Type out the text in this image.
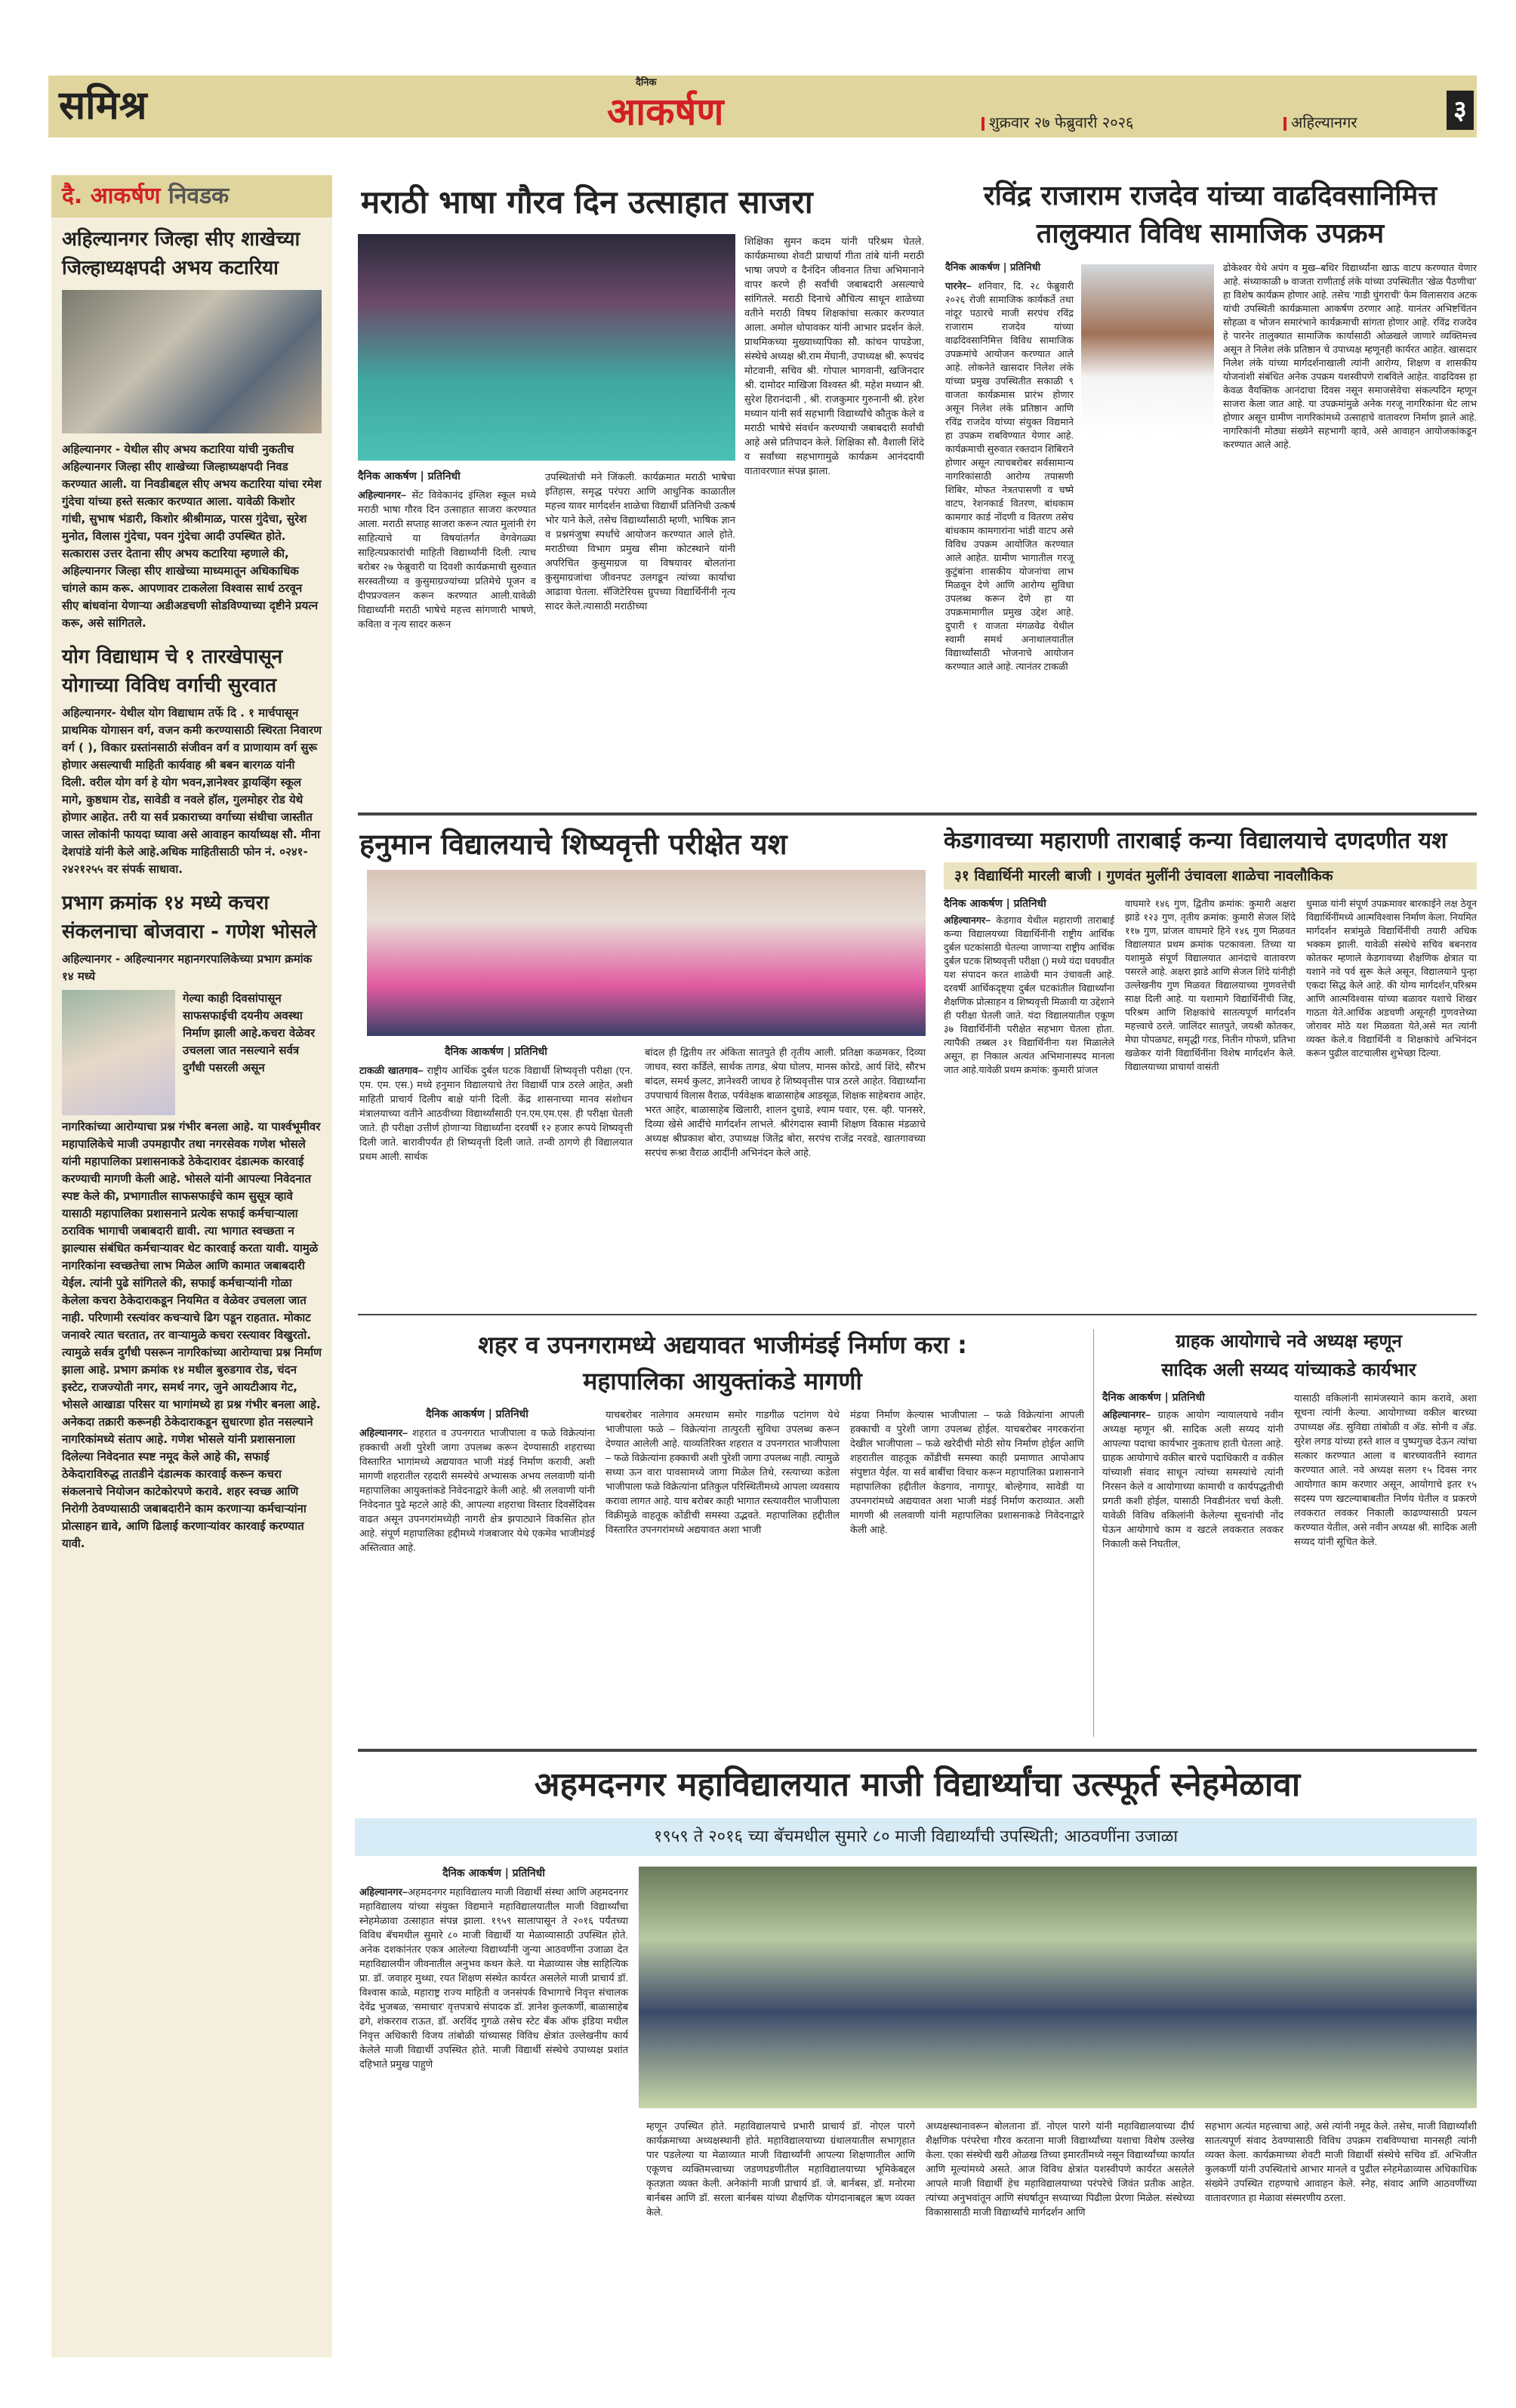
समिश्र
दैनिक
आकर्षण	शुक्रवार २७ फेब्रुवारी २०२६	अहिल्यानगर	३
दै. आकर्षण निवडक
अहिल्यानगर जिल्हा सीए शाखेच्या जिल्हाध्यक्षपदी अभय कटारिया
अहिल्यानगर - येथील सीए अभय कटारिया यांची नुकतीच अहिल्यानगर जिल्हा सीए शाखेच्या जिल्हाध्यक्षपदी निवड करण्यात आली. या निवडीबद्दल सीए अभय कटारिया यांचा रमेश गुंदेचा यांच्या हस्ते सत्कार करण्यात आला. यावेळी किशोर गांधी, सुभाष भंडारी, किशोर श्रीश्रीमाळ, पारस गुंदेचा, सुरेश मुनोत, विलास गुंदेचा, पवन गुंदेचा आदी उपस्थित होते. सत्कारास उत्तर देताना सीए अभय कटारिया म्हणाले की, अहिल्यानगर जिल्हा सीए शाखेच्या माध्यमातून अधिकाधिक चांगले काम करू. आपणावर टाकलेला विश्वास सार्थ ठरवून सीए बांधवांना येणाऱ्या अडीअडचणी सोडविण्याच्या दृष्टीने प्रयत्न करू, असे सांगितले.
योग विद्याधाम चे १ तारखेपासून योगाच्या विविध वर्गाची सुरवात
अहिल्यानगर- येथील योग विद्याधाम तर्फे दि . १ मार्चपासून प्राथमिक योगासन वर्ग, वजन कमी करण्यासाठी स्थिरता निवारण वर्ग ( ), विकार ग्रस्तांनसाठी संजीवन वर्ग व प्राणायाम वर्ग सुरू होणार असल्याची माहिती कार्यवाह श्री बबन बारगळ यांनी दिली. वरील योग वर्ग हे योग भवन,ज्ञानेश्वर ड्रायव्हिंग स्कूल मागे, कुष्ठधाम रोड, सावेडी व नवले हॉल, गुलमोहर रोड येथे होणार आहेत. तरी या सर्व प्रकाराच्या वर्गाच्या संधीचा जास्तीत जास्त लोकांनी फायदा घ्यावा असे आवाहन कार्याध्यक्ष सौ. मीना देशपांडे यांनी केले आहे.अधिक माहितीसाठी फोन नं. ०२४१- २४२१२५५ वर संपर्क साधावा.
प्रभाग क्रमांक १४ मध्ये कचरा संकलनाचा बोजवारा - गणेश भोसले
अहिल्यानगर - अहिल्यानगर महानगरपालिकेच्या प्रभाग क्रमांक १४ मध्ये
गेल्या काही दिवसांपासून साफसफाईची दयनीय अवस्था निर्माण झाली आहे.कचरा वेळेवर उचलला जात नसल्याने सर्वत्र दुर्गंधी पसरली असून
नागरिकांच्या आरोग्याचा प्रश्न गंभीर बनला आहे. या पार्श्वभूमीवर महापालिकेचे माजी उपमहापौर तथा नगरसेवक गणेश भोसले यांनी महापालिका प्रशासनाकडे ठेकेदारावर दंडात्मक कारवाई करण्याची मागणी केली आहे. भोसले यांनी आपल्या निवेदनात स्पष्ट केले की, प्रभागातील साफसफाईचे काम सुसूत्र व्हावे यासाठी महापालिका प्रशासनाने प्रत्येक सफाई कर्मचाऱ्याला ठराविक भागाची जबाबदारी द्यावी. त्या भागात स्वच्छता न झाल्यास संबंधित कर्मचाऱ्यावर थेट कारवाई करता यावी. यामुळे नागरिकांना स्वच्छतेचा लाभ मिळेल आणि कामात जबाबदारी येईल. त्यांनी पुढे सांगितले की, सफाई कर्मचाऱ्यांनी गोळा केलेला कचरा ठेकेदाराकडून नियमित व वेळेवर उचलला जात नाही. परिणामी रस्त्यांवर कचऱ्याचे ढिग पडून राहतात. मोकाट जनावरे त्यात चरतात, तर वाऱ्यामुळे कचरा रस्त्यावर विखुरतो. त्यामुळे सर्वत्र दुर्गंधी पसरून नागरिकांच्या आरोग्याचा प्रश्न निर्माण झाला आहे. प्रभाग क्रमांक १४ मधील बुरुडगाव रोड, चंदन इस्टेट, राजज्योती नगर, समर्थ नगर, जुने आयटीआय गेट, भोसले आखाडा परिसर या भागांमध्ये हा प्रश्न गंभीर बनला आहे. अनेकदा तक्रारी करूनही ठेकेदाराकडून सुधारणा होत नसल्याने नागरिकांमध्ये संताप आहे. गणेश भोसले यांनी प्रशासनाला दिलेल्या निवेदनात स्पष्ट नमूद केले आहे की, सफाई ठेकेदाराविरुद्ध तातडीने दंडात्मक कारवाई करून कचरा संकलनाचे नियोजन काटेकोरपणे करावे. शहर स्वच्छ आणि निरोगी ठेवण्यासाठी जबाबदारीने काम करणाऱ्या कर्मचाऱ्यांना प्रोत्साहन द्यावे, आणि ढिलाई करणाऱ्यांवर कारवाई करण्यात यावी.
मराठी भाषा गौरव दिन उत्साहात साजरा
शिक्षिका सुमन कदम यांनी परिश्रम घेतले. कार्यक्रमाच्या शेवटी प्राचार्या गीता तांबे यांनी मराठी भाषा जपणे व दैनंदिन जीवनात तिचा अभिमानाने वापर करणे ही सर्वांची जबाबदारी असल्याचे सांगितले. मराठी दिनाचे औचित्य साधून शाळेच्या वतीने मराठी विषय शिक्षकांचा सत्कार करण्यात आला. अमोल धोपावकर यांनी आभार प्रदर्शन केले. प्राथमिकच्या मुख्याध्यापिका सौ. कांचन पापडेजा, संस्थेचे अध्यक्ष श्री.राम मेंघानी, उपाध्यक्ष श्री. रूपचंद मोटवानी, सचिव श्री. गोपाल भागवानी, खजिनदार श्री. दामोदर माखिजा विश्वस्त श्री. महेश मध्यान श्री. सुरेश हिरानंदानी , श्री. राजकुमार गुरुनानी श्री. हरेश मध्यान यांनी सर्व सहभागी विद्यार्थ्यांचे कौतुक केले व मराठी भाषेचे संवर्धन करण्याची जबाबदारी सर्वांची आहे असे प्रतिपादन केले. शिक्षिका सौ. वैशाली शिंदे व सर्वांच्या सहभागामुळे कार्यक्रम आनंददायी वातावरणात संपन्न झाला.
दैनिक आकर्षण | प्रतिनिधी
अहिल्यानगर– सेंट विवेकानंद इंग्लिश स्कूल मध्ये मराठी भाषा गौरव दिन उत्साहात साजरा करण्यात आला. मराठी सप्ताह साजरा करून त्यात मुलांनी रंग साहित्याचे या विषयांतर्गत वेगवेगळ्या साहित्यप्रकारांची माहिती विद्यार्थ्यांनी दिली. त्याच बरोबर २७ फेब्रुवारी या दिवशी कार्यक्रमाची सुरुवात सरस्वतीच्या व कुसुमाग्रज्यांच्या प्रतिमेचे पूजन व दीपप्रज्वलन करून करण्यात आली.यावेळी विद्यार्थ्यांनी मराठी भाषेचे महत्त्व सांगणारी भाषणे, कविता व नृत्य सादर करून
उपस्थितांची मने जिंकली. कार्यक्रमात मराठी भाषेचा इतिहास, समृद्ध परंपरा आणि आधुनिक काळातील महत्त्व यावर मार्गदर्शन शाळेचा विद्यार्थी प्रतिनिधी उत्कर्ष भोर याने केले, तसेच विद्यार्थ्यांसाठी म्हणी, भाषिक ज्ञान व प्रश्नमंजुषा स्पर्धांचे आयोजन करण्यात आले होते. मराठीच्या विभाग प्रमुख सीमा कोटस्थाने यांनी अपरिचित कुसुमाग्रज या विषयावर बोलतांना कुसुमाग्रजांचा जीवनपट उलगडून त्यांच्या कार्याचा आढावा घेतला. सॅजिटेरियस ग्रुपच्या विद्यार्थिनींनी नृत्य सादर केले.त्यासाठी मराठीच्या
रविंद्र राजाराम राजदेव यांच्या वाढदिवसानिमित्त
तालुक्यात विविध सामाजिक उपक्रम
दैनिक आकर्षण | प्रतिनिधी
पारनेर– शनिवार, दि. २८ फेब्रुवारी २०२६ रोजी सामाजिक कार्यकर्ते तथा नांदूर पठारचे माजी सरपंच रविंद्र राजाराम राजदेव यांच्या वाढदिवसानिमित्त विविध सामाजिक उपक्रमांचे आयोजन करण्यात आले आहे. लोकनेते खासदार निलेश लंके यांच्या प्रमुख उपस्थितीत सकाळी ९ वाजता कार्यक्रमास प्रारंभ होणार असून निलेश लंके प्रतिष्ठान आणि रविंद्र राजदेव यांच्या संयुक्त विद्यमाने हा उपक्रम राबविण्यात येणार आहे. कार्यक्रमाची सुरुवात रक्तदान शिबिराने होणार असून त्याचबरोबर सर्वसामान्य नागरिकांसाठी आरोग्य तपासणी शिबिर, मोफत नेत्रतपासणी व चष्मे वाटप, रेशनकार्ड वितरण, बांधकाम कामगार कार्ड नोंदणी व वितरण तसेच बांधकाम कामगारांना भांडी वाटप असे विविध उपक्रम आयोजित करण्यात आले आहेत. ग्रामीण भागातील गरजू कुटुंबांना शासकीय योजनांचा लाभ मिळवून देणे आणि आरोग्य सुविधा उपलब्ध करून देणे हा या उपक्रमामागील प्रमुख उद्देश आहे. दुपारी १ वाजता मंगळवेढ येथील स्वामी समर्थ अनाथालयातील विद्यार्थ्यांसाठी भोजनाचे आयोजन करण्यात आले आहे. त्यानंतर टाकळी
ढोकेश्वर येथे अपंग व मुख–बधिर विद्यार्थ्यांना खाऊ वाटप करण्यात येणार आहे. संध्याकाळी ७ वाजता राणीताई लंके यांच्या उपस्थितीत ‘खेळ पैठणीचा’ हा विशेष कार्यक्रम होणार आहे. तसेच ‘गाडी घुंगराची’ फेम विलासराव अटक यांची उपस्थिती कार्यक्रमाला आकर्षण ठरणार आहे. यानंतर अभिष्टचिंतन सोहळा व भोजन समारंभाने कार्यक्रमाची सांगता होणार आहे. रविंद्र राजदेव हे पारनेर तालुक्यात सामाजिक कार्यासाठी ओळखले जाणारे व्यक्तिमत्त्व असून ते निलेश लंके प्रतिष्ठान चे उपाध्यक्ष म्हणूनही कार्यरत आहेत. खासदार निलेश लंके यांच्या मार्गदर्शनाखाली त्यांनी आरोग्य, शिक्षण व शासकीय योजनांशी संबंधित अनेक उपक्रम यशस्वीपणे राबविले आहेत. वाढदिवस हा केवळ वैयक्तिक आनंदाचा दिवस नसून समाजसेवेचा संकल्पदिन म्हणून साजरा केला जात आहे. या उपक्रमांमुळे अनेक गरजू नागरिकांना थेट लाभ होणार असून ग्रामीण नागरिकांमध्ये उत्साहाचे वातावरण निर्माण झाले आहे. नागरिकांनी मोठ्या संख्येने सहभागी व्हावे, असे आवाहन आयोजकांकडून करण्यात आले आहे.
हनुमान विद्यालयाचे शिष्यवृत्ती परीक्षेत यश
दैनिक आकर्षण | प्रतिनिधी
टाकळी खातगाव– राष्ट्रीय आर्थिक दुर्बल घटक विद्यार्थी शिष्यवृत्ती परीक्षा (एन. एम. एम. एस.) मध्ये हनुमान विद्यालयाचे तेरा विद्यार्थी पात्र ठरले आहेत, अशी माहिती प्राचार्य दिलीप बाक्षे यांनी दिली. केंद्र शासनाच्या मानव संशोधन मंत्रालयाच्या वतीने आठवीच्या विद्यार्थ्यांसाठी एन.एम.एम.एस. ही परीक्षा घेतली जाते. ही परीक्षा उत्तीर्ण होणाऱ्या विद्यार्थ्यांना दरवर्षी १२ हजार रूपये शिष्यवृत्ती दिली जाते. बारावीपर्यंत ही शिष्यवृत्ती दिली जाते. तन्वी ठागणे ही विद्यालयात प्रथम आली. सार्थक
बांदल ही द्वितीय तर अंकिता सातपुते ही तृतीय आली. प्रतिक्षा कळमकर, दिव्या जाधव, स्वरा कर्डिले, सार्थक तागड, श्रेया घोलप, मानस कोरडे, आर्य शिंदे, सौरभ बांदल, समर्थ कुलट, ज्ञानेश्वरी जाधव हे शिष्यवृत्तीस पात्र ठरले आहेत. विद्यार्थ्यांना उपपाचार्य विलास वैराळ, पर्यवेक्षक बाळासाहेब आडसूळ, शिक्षक साहेबराव आहेर, भरत आहेर, बाळासाहेब खिलारी, शालन दुधाडे, श्याम पवार, एस. व्ही. पानसरे, दिव्या खेसे आदींचे मार्गदर्शन लाभले. श्रीरंगदास स्वामी शिक्षण विकास मंडळाचे अध्यक्ष श्रीप्रकाश बोरा, उपाध्यक्ष जितेंद्र बोरा, सरपंच राजेंद्र नरवडे, खातगावच्या सरपंच रूश्रा वैराळ आदींनी अभिनंदन केले आहे.
केडगावच्या महाराणी ताराबाई कन्या विद्यालयाचे दणदणीत यश
३१ विद्यार्थिनी मारली बाजी । गुणवंत मुलींनी उंचावला शाळेचा नावलौकिक
दैनिक आकर्षण | प्रतिनिधी
अहिल्यानगर– केडगाव येथील महाराणी ताराबाई कन्या विद्यालयच्या विद्यार्थिनींनी राष्ट्रीय आर्थिक दुर्बल घटकांसाठी घेतल्या जाणाऱ्या राष्ट्रीय आर्थिक दुर्बल घटक शिष्यवृत्ती परीक्षा () मध्ये यंदा घवघवीत यश संपादन करत शाळेची मान उंचावली आहे. दरवर्षी आर्थिकदृष्ट्या दुर्बल घटकांतील विद्यार्थ्यांना शैक्षणिक प्रोत्साहन व शिष्यवृत्ती मिळावी या उद्देशाने ही परीक्षा घेतली जाते. यंदा विद्यालयातील एकूण ३७ विद्यार्थिनींनी परीक्षेत सहभाग घेतला होता. त्यापैकी तब्बल ३१ विद्यार्थिनीना यश मिळालेले असून, हा निकाल अत्यंत अभिमानास्पद मानला जात आहे.यावेळी प्रथम क्रमांक: कुमारी प्रांजल
वाघमारे १४६ गुण, द्वितीय क्रमांक: कुमारी अक्षरा झाडे १२३ गुण, तृतीय क्रमांक: कुमारी सेजल शिंदे ११७ गुण, प्रांजल वाघमारे हिने १४६ गुण मिळवत विद्यालयात प्रथम क्रमांक पटकावला. तिच्या या यशामुळे संपूर्ण विद्यालयात आनंदाचे वातावरण पसरले आहे. अक्षरा झाडे आणि सेजल शिंदे यांनीही उल्लेखनीय गुण मिळवत विद्यालयाच्या गुणवत्तेची साक्ष दिली आहे. या यशामागे विद्यार्थिनींची जिद्द, परिश्रम आणि शिक्षकांचे सातत्यपूर्ण मार्गदर्शन महत्त्वाचे ठरले. जालिंदर सातपुते, जयश्री कोतकर, मेघा पोपळघट, समृद्धी गरड, नितीन गोफणे, प्रतिभा खळेकर यांनी विद्यार्थिनींना विशेष मार्गदर्शन केले. विद्यालयाच्या प्राचार्या वासंती
धुमाळ यांनी संपूर्ण उपक्रमावर बारकाईने लक्ष ठेवून विद्यार्थिनींमध्ये आत्मविश्वास निर्माण केला. नियमित मार्गदर्शन सत्रांमुळे विद्यार्थिनींची तयारी अधिक भक्कम झाली. यावेळी संस्थेचे सचिव बबनराव कोतकर म्हणाले केडगावच्या शैक्षणिक क्षेत्रात या यशाने नवे पर्व सुरू केले असून, विद्यालयाने पुन्हा एकदा सिद्ध केले आहे. की योग्य मार्गदर्शन,परिश्रम आणि आत्मविश्वास यांच्या बळावर यशाचे शिखर गाठता येते.आर्थिक अडचणी असूनही गुणवत्तेच्या जोरावर मोठे यश मिळवता येते,असे मत त्यांनी व्यक्त केले.व विद्यार्थिनी व शिक्षकांचे अभिनंदन करून पुढील वाटचालीस शुभेच्छा दिल्या.
शहर व उपनगरामध्ये अद्ययावत भाजीमंडई निर्माण करा :
महापालिका आयुक्तांकडे मागणी
दैनिक आकर्षण | प्रतिनिधी
अहिल्यानगर– शहरात व उपनगरात भाजीपाला व फळे विक्रेत्यांना हक्काची अशी पुरेशी जागा उपलब्ध करून देण्यासाठी शहराच्या विस्तारित भागांमध्ये अद्ययावत भाजी मंडई निर्माण करावी, अशी मागणी शहरातील रहदारी समस्येचे अभ्यासक अभय ललवाणी यांनी महापालिका आयुक्तांकडे निवेदनाद्वारे केली आहे. श्री ललवाणी यांनी निवेदनात पुढे म्हटले आहे की, आपल्या शहराचा विस्तार दिवसेंदिवस वाढत असून उपनगरांमध्येही नागरी क्षेत्र झपाट्याने विकसित होत आहे. संपूर्ण महापालिका हद्दीमध्ये गंजबाजार येथे एकमेव भाजीमंडई अस्तित्वात आहे.
याचबरोबर नालेगाव अमरधाम समोर गाडगीळ पटांगण येथे भाजीपाला फळे – विक्रेत्यांना तात्पुरती सुविधा उपलब्ध करून देण्यात आलेली आहे. याव्यतिरिक्त शहरात व उपनगरात भाजीपाला – फळे विक्रेत्यांना हक्काची अशी पुरेशी जागा उपलब्ध नाही. त्यामुळे सध्या ऊन वारा पावसामध्ये जागा मिळेल तिथे, रस्त्याच्या कडेला भाजीपाला फळे विक्रेत्यांना प्रतिकुल परिस्थितीमध्ये आपला व्यवसाय करावा लागत आहे. याच बरोबर काही भागात रस्त्यावरील भाजीपाला विक्रीमुळे वाहतूक कोंडीची समस्या उद्भवते. महापालिका हद्दीतील विस्तारित उपनगरांमध्ये अद्ययावत अशा भाजी
मंडया निर्माण केल्यास भाजीपाला – फळे विक्रेत्यांना आपली हक्काची व पुरेशी जागा उपलब्ध होईल. याचबरोबर नगरकरांना देखील भाजीपाला – फळे खरेदीची मोठी सोय निर्माण होईल आणि शहरातील वाहतूक कोंडीची समस्या काही प्रमाणात आपोआप संपुष्टात येईल. या सर्व बाबींचा विचार करून महापालिका प्रशासनाने महापालिका हद्दीतील केडगाव, नागापूर, बोल्हेगाव, सावेडी या उपनगरांमध्ये अद्ययावत अशा भाजी मंडई निर्माण कराव्यात. अशी मागणी श्री ललवाणी यांनी महापालिका प्रशासनाकडे निवेदनाद्वारे केली आहे.
ग्राहक आयोगाचे नवे अध्यक्ष म्हणून
सादिक अली सय्यद यांच्याकडे कार्यभार
दैनिक आकर्षण | प्रतिनिधी
अहिल्यानगर– ग्राहक आयोग न्यायालयाचे नवीन अध्यक्ष म्हणून श्री. सादिक अली सय्यद यांनी आपल्या पदाचा कार्यभार नुकताच हाती घेतला आहे. ग्राहक आयोगाचे वकील बारचे पदाधिकारी व वकील यांच्याशी संवाद साधून त्यांच्या समस्यांचे त्यांनी निरसन केले व आयोगाच्या कामाची व कार्यपद्धतीची प्रगती कशी होईल, यासाठी निवडीनंतर चर्चा केली. यावेळी विविध वकिलांनी केलेल्या सूचनांची नोंद घेऊन आयोगाचे काम व खटले लवकरात लवकर निकाली कसे निघतील,
यासाठी वकिलांनी सामंजस्याने काम करावे, अशा सूचना त्यांनी केल्या. आयोगाच्या वकील बारच्या उपाध्यक्ष अ‍ॅड. सुविद्या तांबोळी व अ‍ॅड. सोनी व अ‍ॅड. सुरेश लगड यांच्या हस्ते शाल व पुष्पगुच्छ देऊन त्यांचा सत्कार करण्यात आला व बारच्यावतीने स्वागत करण्यात आले. नवे अध्यक्ष सलग १५ दिवस नगर आयोगात काम करणार असून, आयोगाचे इतर १५ सदस्य पण खटल्याबाबतीत निर्णय घेतील व प्रकरणे लवकरात लवकर निकाली काढण्यासाठी प्रयत्न करण्यात येतील, असे नवीन अध्यक्ष श्री. सादिक अली सय्यद यांनी सूचित केले.
अहमदनगर महाविद्यालयात माजी विद्यार्थ्यांचा उत्स्फूर्त स्नेहमेळावा
१९५९ ते २०१६ च्या बॅचमधील सुमारे ८० माजी विद्यार्थ्यांची उपस्थिती; आठवणींना उजाळा
दैनिक आकर्षण | प्रतिनिधी
अहिल्यानगर–अहमदनगर महाविद्यालय माजी विद्यार्थी संस्था आणि अहमदनगर महाविद्यालय यांच्या संयुक्त विद्यमाने महाविद्यालयातील माजी विद्यार्थ्यांचा स्नेहमेळावा उत्साहात संपन्न झाला. १९५९ सालापासून ते २०१६ पर्यंतच्या विविध बॅचमधील सुमारे ८० माजी विद्यार्थी या मेळाव्यासाठी उपस्थित होते. अनेक दशकांनंतर एकत्र आलेल्या विद्यार्थ्यांनी जुन्या आठवणींना उजाळा देत महाविद्यालयीन जीवनातील अनुभव कथन केले. या मेळाव्यास जेष्ठ साहित्यिक प्रा. डॉ. जवाहर मुथ्था, रयत शिक्षण संस्थेत कार्यरत असलेले माजी प्राचार्य डॉ. विश्वास काळे, महाराष्ट्र राज्य माहिती व जनसंपर्क विभागाचे निवृत्त संचालक देवेंद्र भुजबळ, ‘समाचार’ वृत्तपत्राचे संपादक डॉ. ज्ञानेश कुलकर्णी, बाळासाहेब ढगे, शंकरराव राऊत, डॉ. अरविंद गुगळे तसेच स्टेट बँक ऑफ इंडिया मधील निवृत्त अधिकारी विजय तांबोळी यांच्यासह विविध क्षेत्रांत उल्लेखनीय कार्य केलेले माजी विद्यार्थी उपस्थित होते. माजी विद्यार्थी संस्थेचे उपाध्यक्ष प्रशांत दहिभाते प्रमुख पाहुणे
म्हणून उपस्थित होते. महाविद्यालयाचे प्रभारी प्राचार्य डॉ. नोएल पारगे कार्यक्रमाच्या अध्यक्षस्थानी होते. महाविद्यालयाच्या ग्रंथालयातील सभागृहात पार पडलेल्या या मेळाव्यात माजी विद्यार्थ्यांनी आपल्या शिक्षणातील आणि एकूणच व्यक्तिमत्त्वाच्या जडणघडणीतील महाविद्यालयाच्या भूमिकेबद्दल कृतज्ञता व्यक्त केली. अनेकांनी माजी प्राचार्य डॉ. जे. बार्नबस, डॉ. मनोरमा बार्नबस आणि डॉ. सरला बार्नबस यांच्या शैक्षणिक योगदानाबद्दल ऋण व्यक्त केले.
अध्यक्षस्थानावरून बोलताना डॉ. नोएल पारगे यांनी महाविद्यालयाच्या दीर्घ शैक्षणिक परंपरेचा गौरव करताना माजी विद्यार्थ्यांच्या यशाचा विशेष उल्लेख केला. एका संस्थेची खरी ओळख तिच्या इमारतींमध्ये नसून विद्यार्थ्यांच्या कार्यात आणि मूल्यांमध्ये असते. आज विविध क्षेत्रांत यशस्वीपणे कार्यरत असलेले आपले माजी विद्यार्थी हेच महाविद्यालयाच्या परंपरेचे जिवंत प्रतीक आहेत. त्यांच्या अनुभवांतून आणि संघर्षातून सध्याच्या पिढीला प्रेरणा मिळेल. संस्थेच्या विकासासाठी माजी विद्यार्थ्यांचे मार्गदर्शन आणि
सहभाग अत्यंत महत्त्वाचा आहे, असे त्यांनी नमूद केले. तसेच, माजी विद्यार्थ्यांशी सातत्यपूर्ण संवाद ठेवण्यासाठी विविध उपक्रम राबविण्याचा मानसही त्यांनी व्यक्त केला. कार्यक्रमाच्या शेवटी माजी विद्यार्थी संस्थेचे सचिव डॉ. अभिजीत कुलकर्णी यांनी उपस्थितांचे आभार मानले व पुढील स्नेहमेळाव्यास अधिकाधिक संख्येने उपस्थित राहण्याचे आवाहन केले. स्नेह, संवाद आणि आठवणींच्या वातावरणात हा मेळावा संस्मरणीय ठरला.
